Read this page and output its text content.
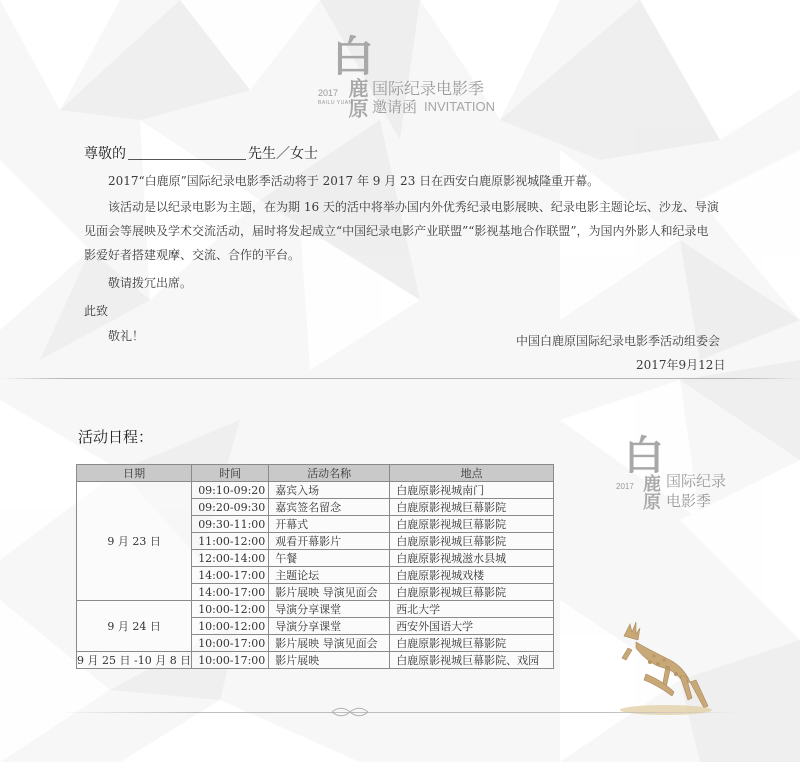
白
鹿原
2017
BAILU YUAN
国际纪录电影季
邀请函 INVITATION
尊敬的	先生／女士
2017“白鹿原”国际纪录电影季活动将于 2017 年 9 月 23 日在西安白鹿原影视城隆重开幕。
该活动是以纪录电影为主题，在为期 16 天的活中将举办国内外优秀纪录电影展映、纪录电影主题论坛、沙龙、导演
见面会等展映及学术交流活动，届时将发起成立“中国纪录电影产业联盟”“影视基地合作联盟”，为国内外影人和纪录电
影爱好者搭建观摩、交流、合作的平台。
敬请拨冗出席。
此致
敬礼！	中国白鹿原国际纪录电影季活动组委会
2017年9月12日
活动日程：	白
鹿原
2017 国际纪录
电影季
日期	时间	活动名称	地点
9 月 23 日	09:10-09:20	嘉宾入场	白鹿原影视城南门
	09:20-09:30	嘉宾签名留念	白鹿原影视城巨幕影院
	09:30-11:00	开幕式	白鹿原影视城巨幕影院
	11:00-12:00	观看开幕影片	白鹿原影视城巨幕影院
	12:00-14:00	午餐	白鹿原影视城滋水县城
	14:00-17:00	主题论坛	白鹿原影视城戏楼
	14:00-17:00	影片展映 导演见面会	白鹿原影视城巨幕影院
9 月 24 日	10:00-12:00	导演分享课堂	西北大学
	10:00-12:00	导演分享课堂	西安外国语大学
	10:00-17:00	影片展映 导演见面会	白鹿原影视城巨幕影院
9 月 25 日 -10 月 8 日	10:00-17:00	影片展映	白鹿原影视城巨幕影院、戏园
